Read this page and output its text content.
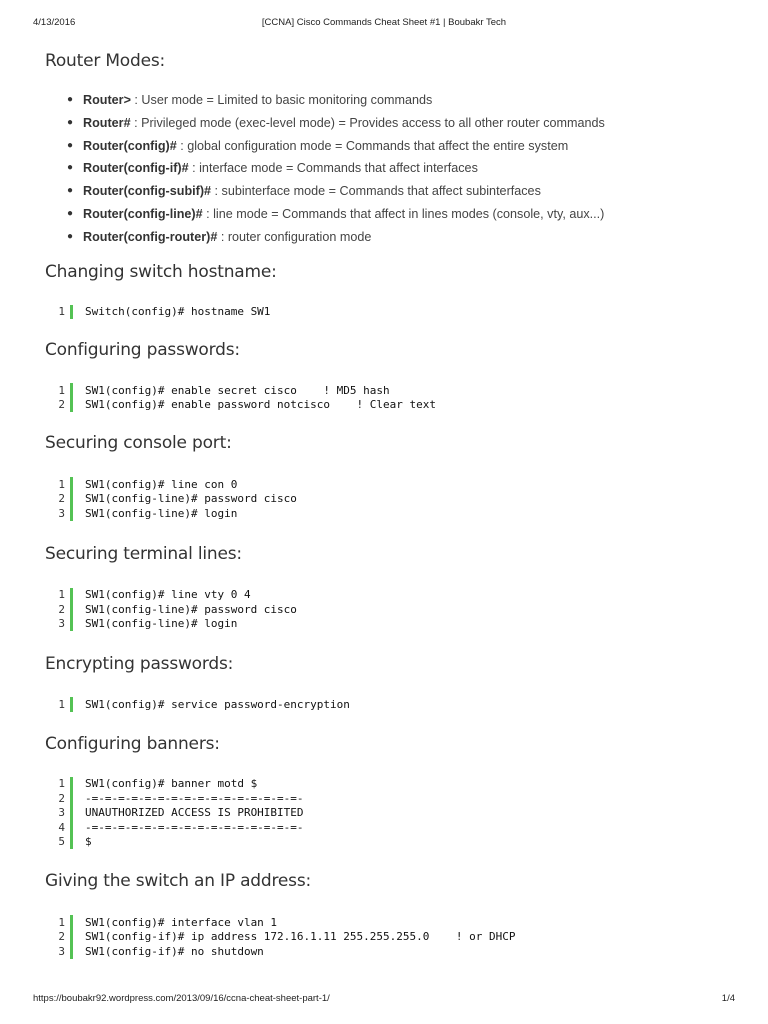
4/13/2016	[CCNA] Cisco Commands Cheat Sheet #1 | Boubakr Tech
Router Modes:
● Router> : User mode = Limited to basic monitoring commands
● Router# : Privileged mode (exec-level mode) = Provides access to all other router commands
● Router(config)# : global configuration mode = Commands that affect the entire system
● Router(config-if)# : interface mode = Commands that affect interfaces
● Router(config-subif)# : subinterface mode = Commands that affect subinterfaces
● Router(config-line)# : line mode = Commands that affect in lines modes (console, vty, aux...)
● Router(config-router)# : router configuration mode
Changing switch hostname:
1 Switch(config)# hostname SW1
Configuring passwords:
1 SW1(config)# enable secret cisco    ! MD5 hash
2 SW1(config)# enable password notcisco    ! Clear text
Securing console port:
1 SW1(config)# line con 0
2 SW1(config-line)# password cisco
3 SW1(config-line)# login
Securing terminal lines:
1 SW1(config)# line vty 0 4
2 SW1(config-line)# password cisco
3 SW1(config-line)# login
Encrypting passwords:
1 SW1(config)# service password-encryption
Configuring banners:
1 SW1(config)# banner motd $
2 -=-=-=-=-=-=-=-=-=-=-=-=-=-=-=-=-
3 UNAUTHORIZED ACCESS IS PROHIBITED
4 -=-=-=-=-=-=-=-=-=-=-=-=-=-=-=-=-
5 $
Giving the switch an IP address:
1 SW1(config)# interface vlan 1
2 SW1(config-if)# ip address 172.16.1.11 255.255.255.0    ! or DHCP
3 SW1(config-if)# no shutdown
https://boubakr92.wordpress.com/2013/09/16/ccna-cheat-sheet-part-1/	1/4
